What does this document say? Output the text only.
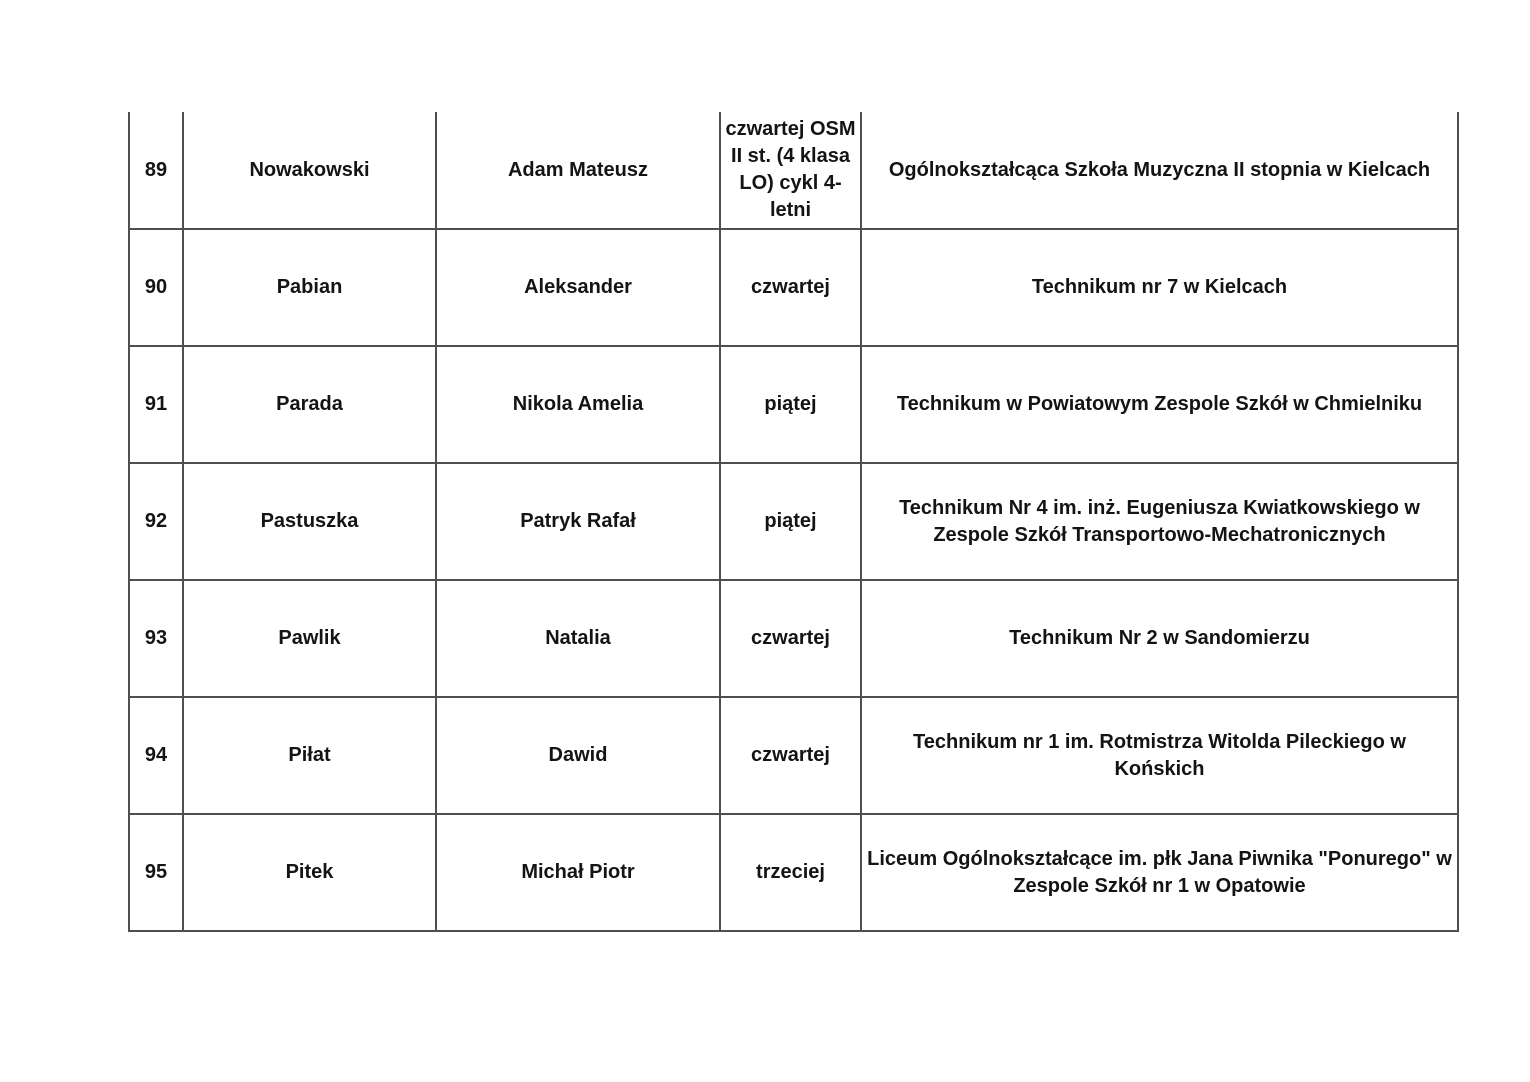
89	Nowakowski	Adam Mateusz	czwartej OSM II st. (4 klasa LO) cykl 4-letni	Ogólnokształcąca Szkoła Muzyczna II stopnia w Kielcach
90	Pabian	Aleksander	czwartej	Technikum nr 7 w Kielcach
91	Parada	Nikola Amelia	piątej	Technikum w Powiatowym Zespole Szkół w Chmielniku
92	Pastuszka	Patryk Rafał	piątej	Technikum Nr 4 im. inż. Eugeniusza Kwiatkowskiego w Zespole Szkół Transportowo-Mechatronicznych
93	Pawlik	Natalia	czwartej	Technikum Nr 2 w Sandomierzu
94	Piłat	Dawid	czwartej	Technikum nr 1 im. Rotmistrza Witolda Pileckiego w Końskich
95	Pitek	Michał Piotr	trzeciej	Liceum Ogólnokształcące im. płk Jana Piwnika "Ponurego" w Zespole Szkół nr 1 w Opatowie
